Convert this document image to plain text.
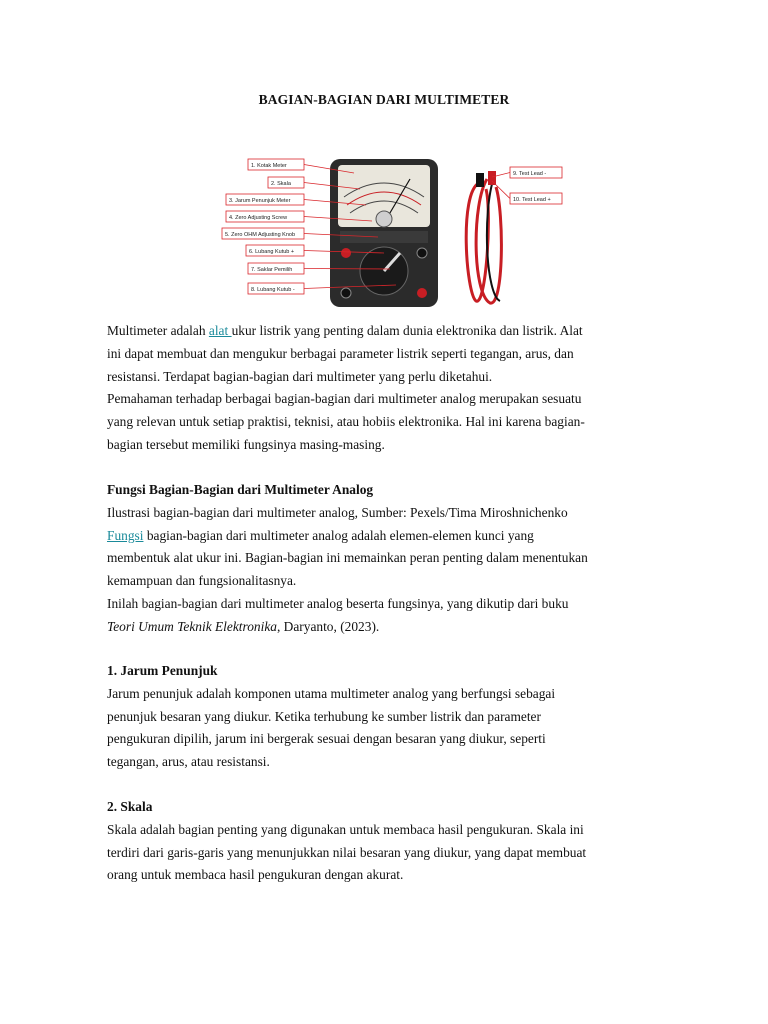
BAGIAN-BAGIAN DARI MULTIMETER
1. Kotak Meter
2. Skala
3. Jarum Penunjuk Meter
4. Zero Adjusting Screw
5. Zero OHM Adjusting Knob
6. Lubang Kutub +
7. Saklar Pemilih
8. Lubang Kutub -
9. Test Lead -
10. Test Lead +
Multimeter adalah alat ukur listrik yang penting dalam dunia elektronika dan listrik. Alat
ini dapat membuat dan mengukur berbagai parameter listrik seperti tegangan, arus, dan
resistansi. Terdapat bagian-bagian dari multimeter yang perlu diketahui.
Pemahaman terhadap berbagai bagian-bagian dari multimeter analog merupakan sesuatu
yang relevan untuk setiap praktisi, teknisi, atau hobiis elektronika. Hal ini karena bagian-
bagian tersebut memiliki fungsinya masing-masing.
Fungsi Bagian-Bagian dari Multimeter Analog
Ilustrasi bagian-bagian dari multimeter analog, Sumber: Pexels/Tima Miroshnichenko
Fungsi bagian-bagian dari multimeter analog adalah elemen-elemen kunci yang
membentuk alat ukur ini. Bagian-bagian ini memainkan peran penting dalam menentukan
kemampuan dan fungsionalitasnya.
Inilah bagian-bagian dari multimeter analog beserta fungsinya, yang dikutip dari buku
Teori Umum Teknik Elektronika, Daryanto, (2023).
1. Jarum Penunjuk
Jarum penunjuk adalah komponen utama multimeter analog yang berfungsi sebagai
penunjuk besaran yang diukur. Ketika terhubung ke sumber listrik dan parameter
pengukuran dipilih, jarum ini bergerak sesuai dengan besaran yang diukur, seperti
tegangan, arus, atau resistansi.
2. Skala
Skala adalah bagian penting yang digunakan untuk membaca hasil pengukuran. Skala ini
terdiri dari garis-garis yang menunjukkan nilai besaran yang diukur, yang dapat membuat
orang untuk membaca hasil pengukuran dengan akurat.
